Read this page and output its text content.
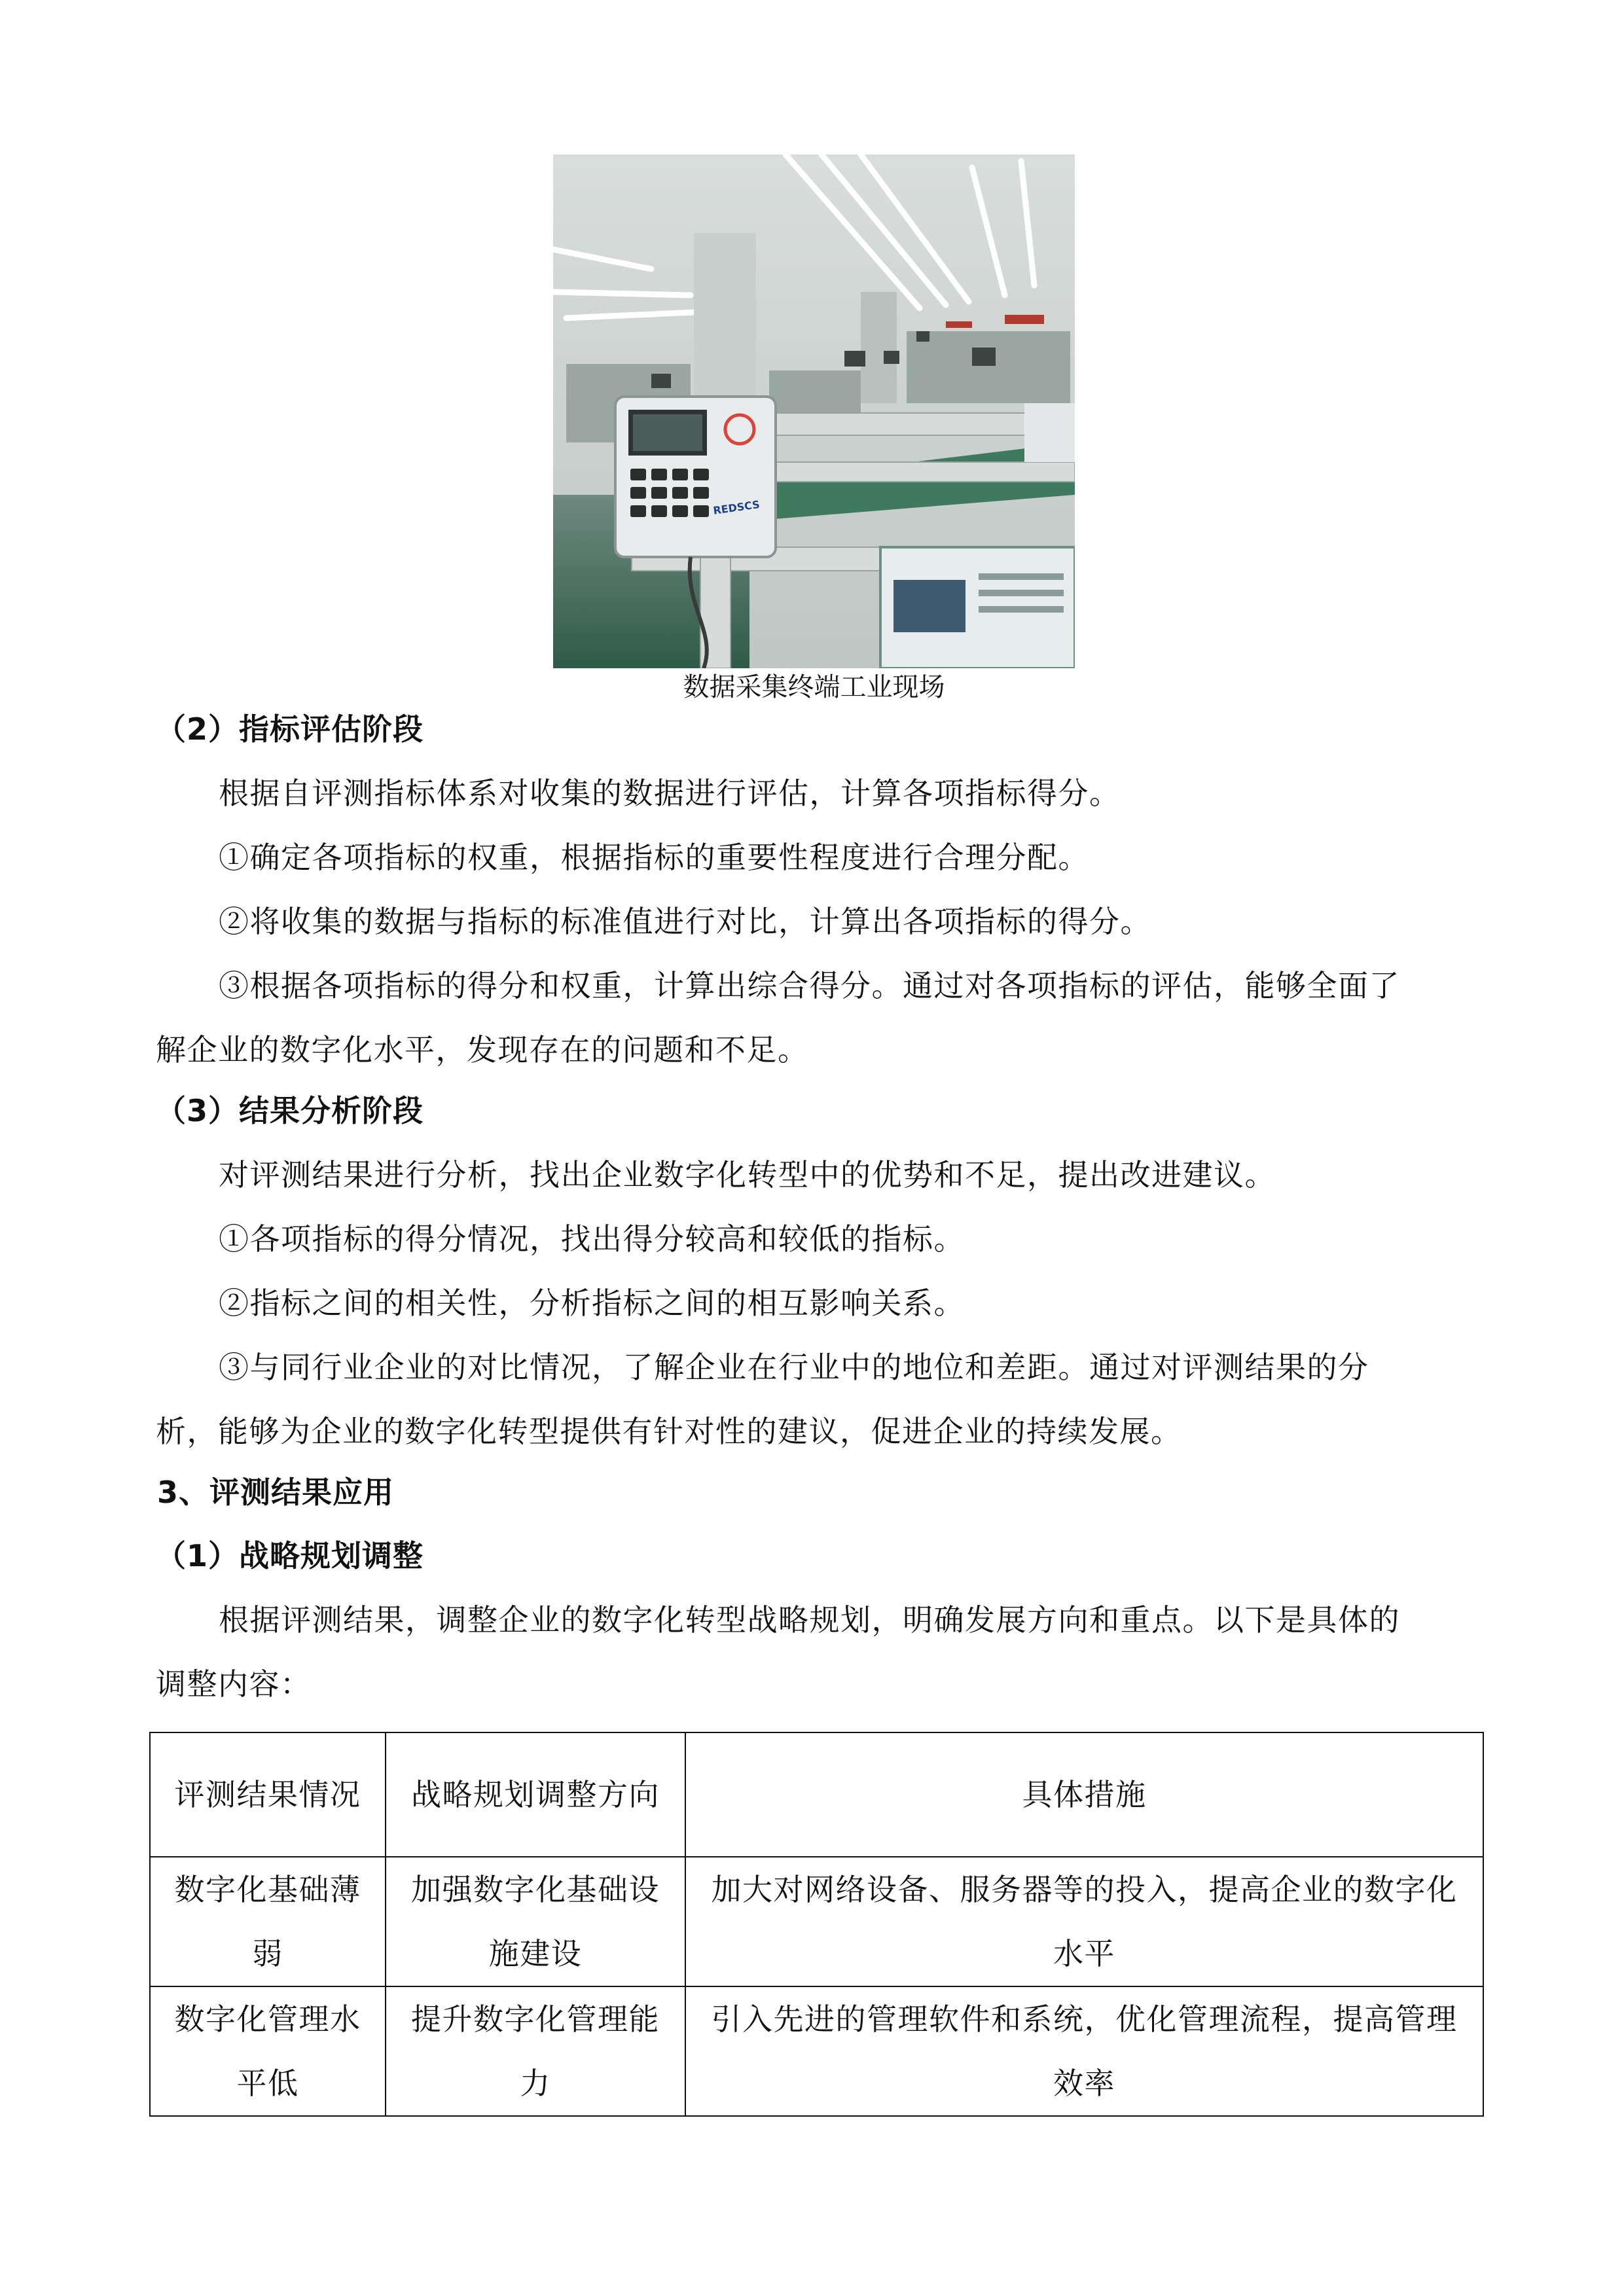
REDSCS
数据采集终端工业现场
（2）指标评估阶段
根据自评测指标体系对收集的数据进行评估，计算各项指标得分。
①确定各项指标的权重，根据指标的重要性程度进行合理分配。
②将收集的数据与指标的标准值进行对比，计算出各项指标的得分。
③根据各项指标的得分和权重，计算出综合得分。通过对各项指标的评估，能够全面了
解企业的数字化水平，发现存在的问题和不足。
（3）结果分析阶段
对评测结果进行分析，找出企业数字化转型中的优势和不足，提出改进建议。
①各项指标的得分情况，找出得分较高和较低的指标。
②指标之间的相关性，分析指标之间的相互影响关系。
③与同行业企业的对比情况，了解企业在行业中的地位和差距。通过对评测结果的分
析，能够为企业的数字化转型提供有针对性的建议，促进企业的持续发展。
3、评测结果应用
（1）战略规划调整
根据评测结果，调整企业的数字化转型战略规划，明确发展方向和重点。以下是具体的
调整内容：
评测结果情况	战略规划调整方向	具体措施
数字化基础薄弱	加强数字化基础设施建设	加大对网络设备、服务器等的投入，提高企业的数字化水平
数字化管理水平低	提升数字化管理能力	引入先进的管理软件和系统，优化管理流程，提高管理效率
